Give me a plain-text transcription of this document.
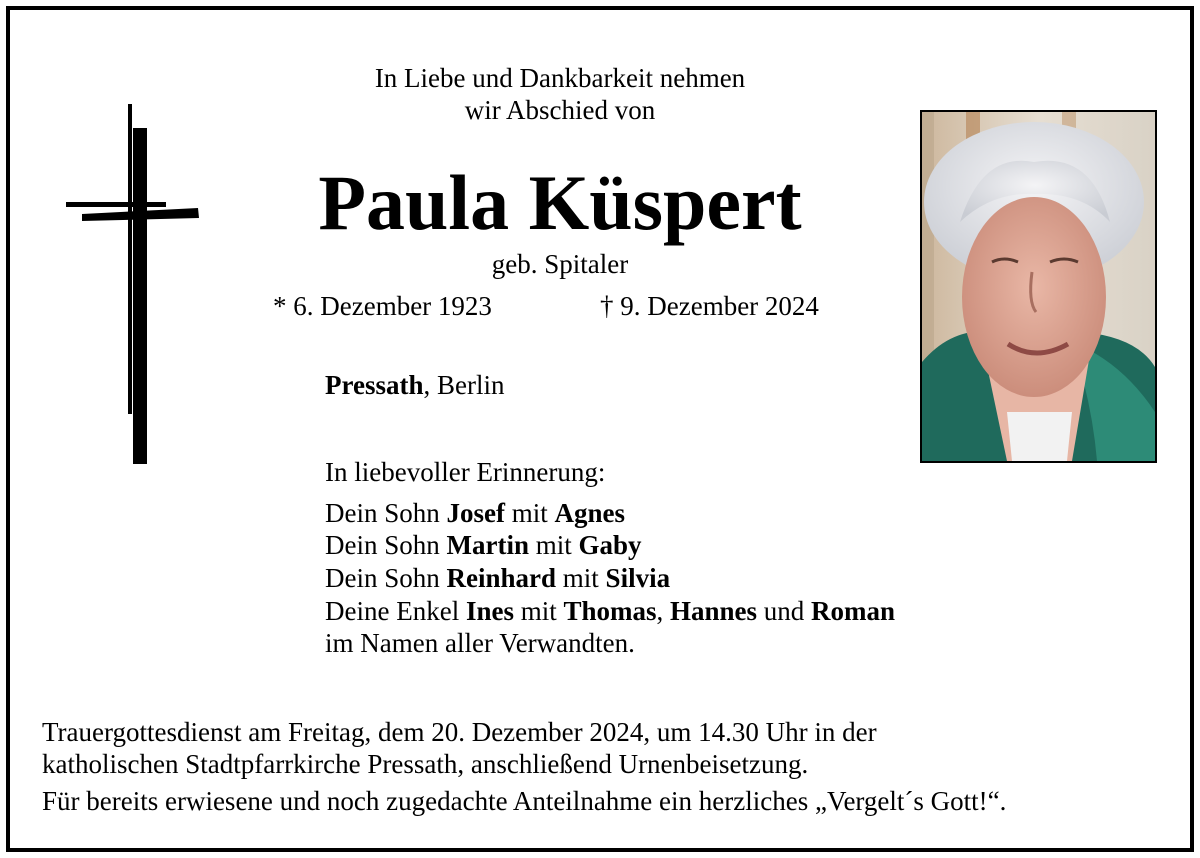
In Liebe und Dankbarkeit nehmen
wir Abschied von
Paula Küspert
geb. Spitaler
* 6. Dezember 1923	† 9. Dezember 2024
Pressath, Berlin
In liebevoller Erinnerung:
Dein Sohn Josef mit Agnes
Dein Sohn Martin mit Gaby
Dein Sohn Reinhard mit Silvia
Deine Enkel Ines mit Thomas, Hannes und Roman
im Namen aller Verwandten.
Trauergottesdienst am Freitag, dem 20. Dezember 2024, um 14.30 Uhr in der
katholischen Stadtpfarrkirche Pressath, anschließend Urnenbeisetzung.
Für bereits erwiesene und noch zugedachte Anteilnahme ein herzliches „Vergelt´s Gott!“.
